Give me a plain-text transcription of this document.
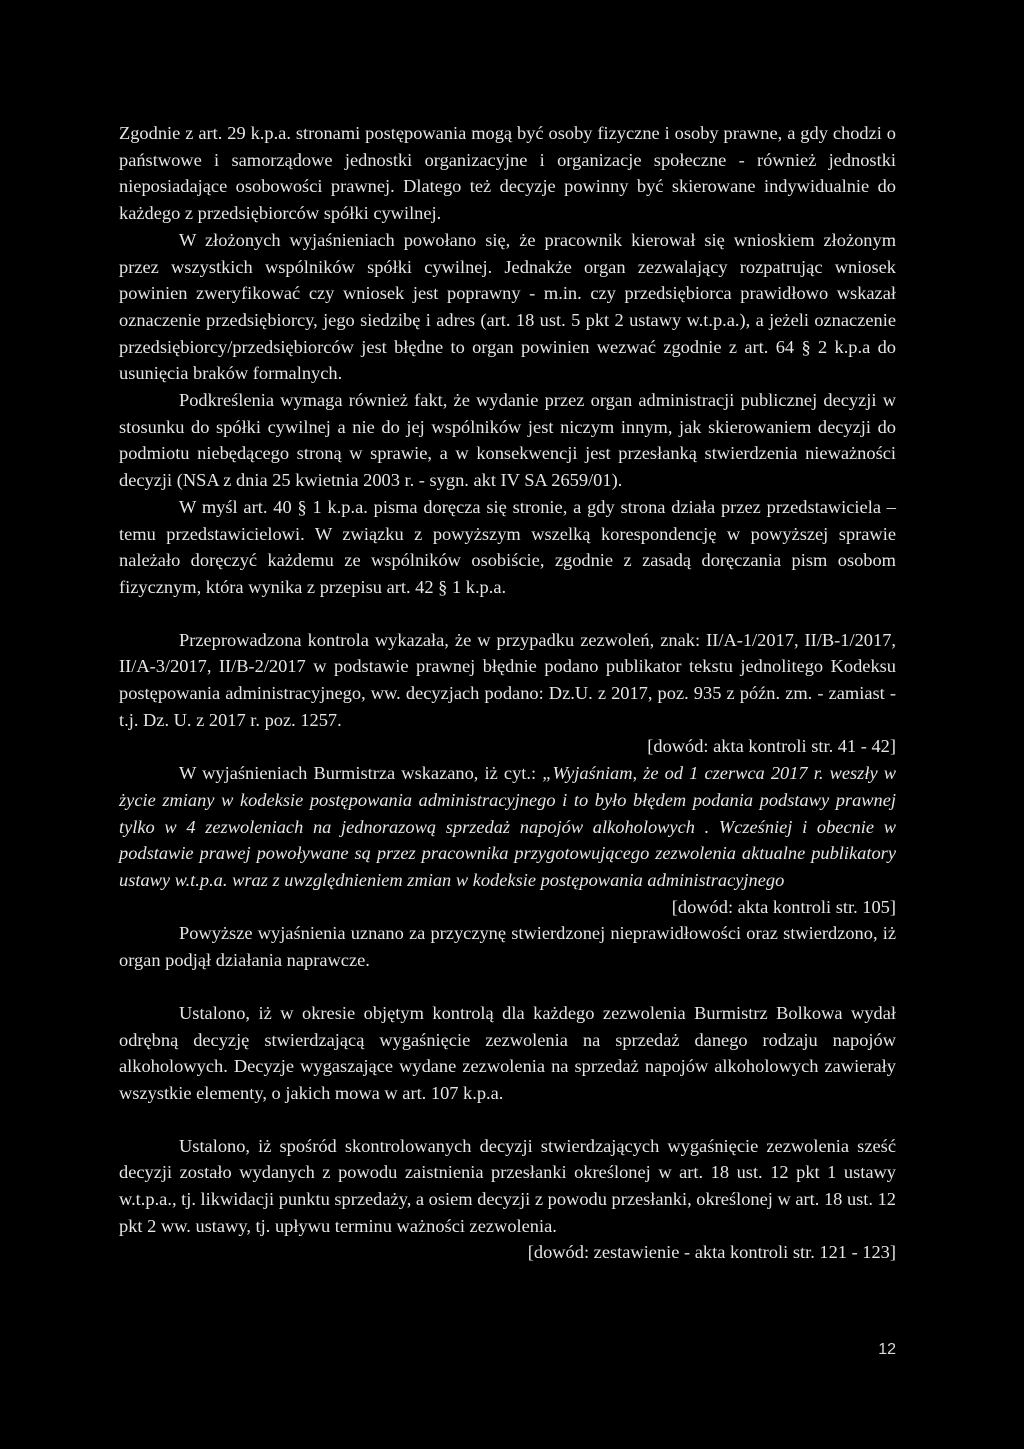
Zgodnie z art. 29 k.p.a. stronami postępowania mogą być osoby fizyczne i osoby prawne, a gdy chodzi o państwowe i samorządowe jednostki organizacyjne i organizacje społeczne - również jednostki nieposiadające osobowości prawnej. Dlatego też decyzje powinny być skierowane indywidualnie do każdego z przedsiębiorców spółki cywilnej.

W złożonych wyjaśnieniach powołano się, że pracownik kierował się wnioskiem złożonym przez wszystkich wspólników spółki cywilnej. Jednakże organ zezwalający rozpatrując wniosek powinien zweryfikować czy wniosek jest poprawny - m.in. czy przedsiębiorca prawidłowo wskazał oznaczenie przedsiębiorcy, jego siedzibę i adres (art. 18 ust. 5 pkt 2 ustawy w.t.p.a.), a jeżeli oznaczenie przedsiębiorcy/przedsiębiorców jest błędne to organ powinien wezwać zgodnie z art. 64 § 2 k.p.a do usunięcia braków formalnych.

Podkreślenia wymaga również fakt, że wydanie przez organ administracji publicznej decyzji w stosunku do spółki cywilnej a nie do jej wspólników jest niczym innym, jak skierowaniem decyzji do podmiotu niebędącego stroną w sprawie, a w konsekwencji jest przesłanką stwierdzenia nieważności decyzji (NSA z dnia 25 kwietnia 2003 r. - sygn. akt IV SA 2659/01).

W myśl art. 40 § 1 k.p.a. pisma doręcza się stronie, a gdy strona działa przez przedstawiciela – temu przedstawicielowi. W związku z powyższym wszelką korespondencję w powyższej sprawie należało doręczyć każdemu ze wspólników osobiście, zgodnie z zasadą doręczania pism osobom fizycznym, która wynika z przepisu art. 42 § 1 k.p.a.

Przeprowadzona kontrola wykazała, że w przypadku zezwoleń, znak: II/A-1/2017, II/B-1/2017, II/A-3/2017, II/B-2/2017 w podstawie prawnej błędnie podano publikator tekstu jednolitego Kodeksu postępowania administracyjnego, ww. decyzjach podano: Dz.U. z 2017, poz. 935 z późn. zm. - zamiast - t.j. Dz. U. z 2017 r. poz. 1257.

[dowód: akta kontroli str. 41 - 42]

W wyjaśnieniach Burmistrza wskazano, iż cyt.: „Wyjaśniam, że od 1 czerwca 2017 r. weszły w życie zmiany w kodeksie postępowania administracyjnego i to było błędem podania podstawy prawnej tylko w 4 zezwoleniach na jednorazową sprzedaż napojów alkoholowych . Wcześniej i obecnie w podstawie prawej powoływane są przez pracownika przygotowującego zezwolenia aktualne publikatory ustawy w.t.p.a. wraz z uwzględnieniem zmian w kodeksie postępowania administracyjnego

[dowód: akta kontroli str. 105]

Powyższe wyjaśnienia uznano za przyczynę stwierdzonej nieprawidłowości oraz stwierdzono, iż organ podjął działania naprawcze.

Ustalono, iż w okresie objętym kontrolą dla każdego zezwolenia Burmistrz Bolkowa wydał odrębną decyzję stwierdzającą wygaśnięcie zezwolenia na sprzedaż danego rodzaju napojów alkoholowych. Decyzje wygaszające wydane zezwolenia na sprzedaż napojów alkoholowych zawierały wszystkie elementy, o jakich mowa w art. 107 k.p.a.

Ustalono, iż spośród skontrolowanych decyzji stwierdzających wygaśnięcie zezwolenia sześć decyzji zostało wydanych z powodu zaistnienia przesłanki określonej w art. 18 ust. 12 pkt 1 ustawy w.t.p.a., tj. likwidacji punktu sprzedaży, a osiem decyzji z powodu przesłanki, określonej w art. 18 ust. 12 pkt 2 ww. ustawy, tj. upływu terminu ważności zezwolenia.

[dowód: zestawienie - akta kontroli str. 121 - 123]

12
